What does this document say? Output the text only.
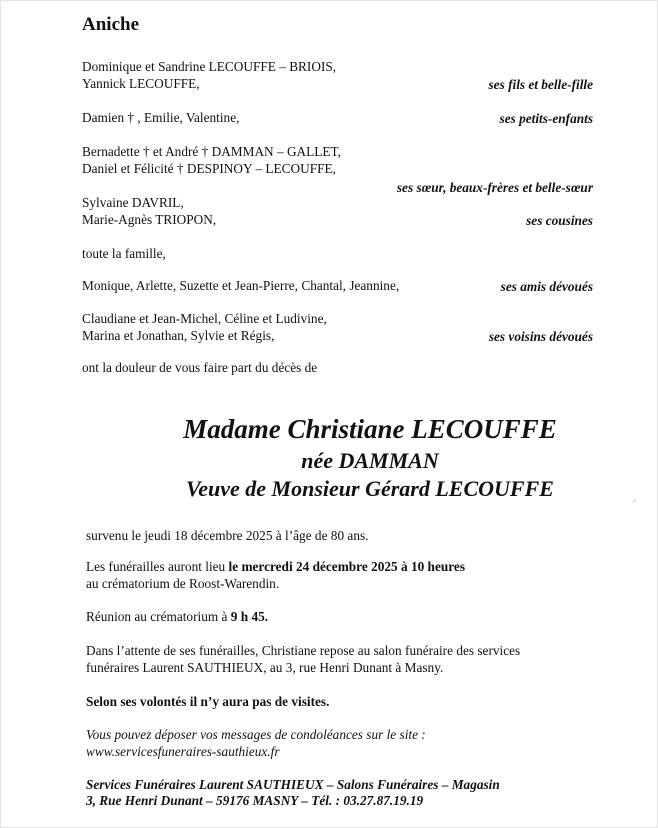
Aniche
Dominique et Sandrine LECOUFFE – BRIOIS,
Yannick LECOUFFE,	ses fils et belle-fille
Damien † , Emilie, Valentine,	ses petits-enfants
Bernadette † et André † DAMMAN – GALLET,
Daniel et Félicité † DESPINOY – LECOUFFE,
ses sœur, beaux-frères et belle-sœur
Sylvaine DAVRIL,
Marie-Agnès TRIOPON,	ses cousines
toute la famille,
Monique, Arlette, Suzette et Jean-Pierre, Chantal, Jeannine,	ses amis dévoués
Claudiane et Jean-Michel, Céline et Ludivine,
Marina et Jonathan, Sylvie et Régis,	ses voisins dévoués
ont la douleur de vous faire part du décès de
Madame Christiane LECOUFFE
née DAMMAN
Veuve de Monsieur Gérard LECOUFFE	⸝
survenu le jeudi 18 décembre 2025 à l’âge de 80 ans.
Les funérailles auront lieu le mercredi 24 décembre 2025 à 10 heures
au crématorium de Roost-Warendin.
Réunion au crématorium à 9 h 45.
Dans l’attente de ses funérailles, Christiane repose au salon funéraire des services
funéraires Laurent SAUTHIEUX, au 3, rue Henri Dunant à Masny.
Selon ses volontés il n’y aura pas de visites.
Vous pouvez déposer vos messages de condoléances sur le site :
www.servicesfuneraires-sauthieux.fr
Services Funéraires Laurent SAUTHIEUX – Salons Funéraires – Magasin
3, Rue Henri Dunant – 59176 MASNY – Tél. : 03.27.87.19.19
